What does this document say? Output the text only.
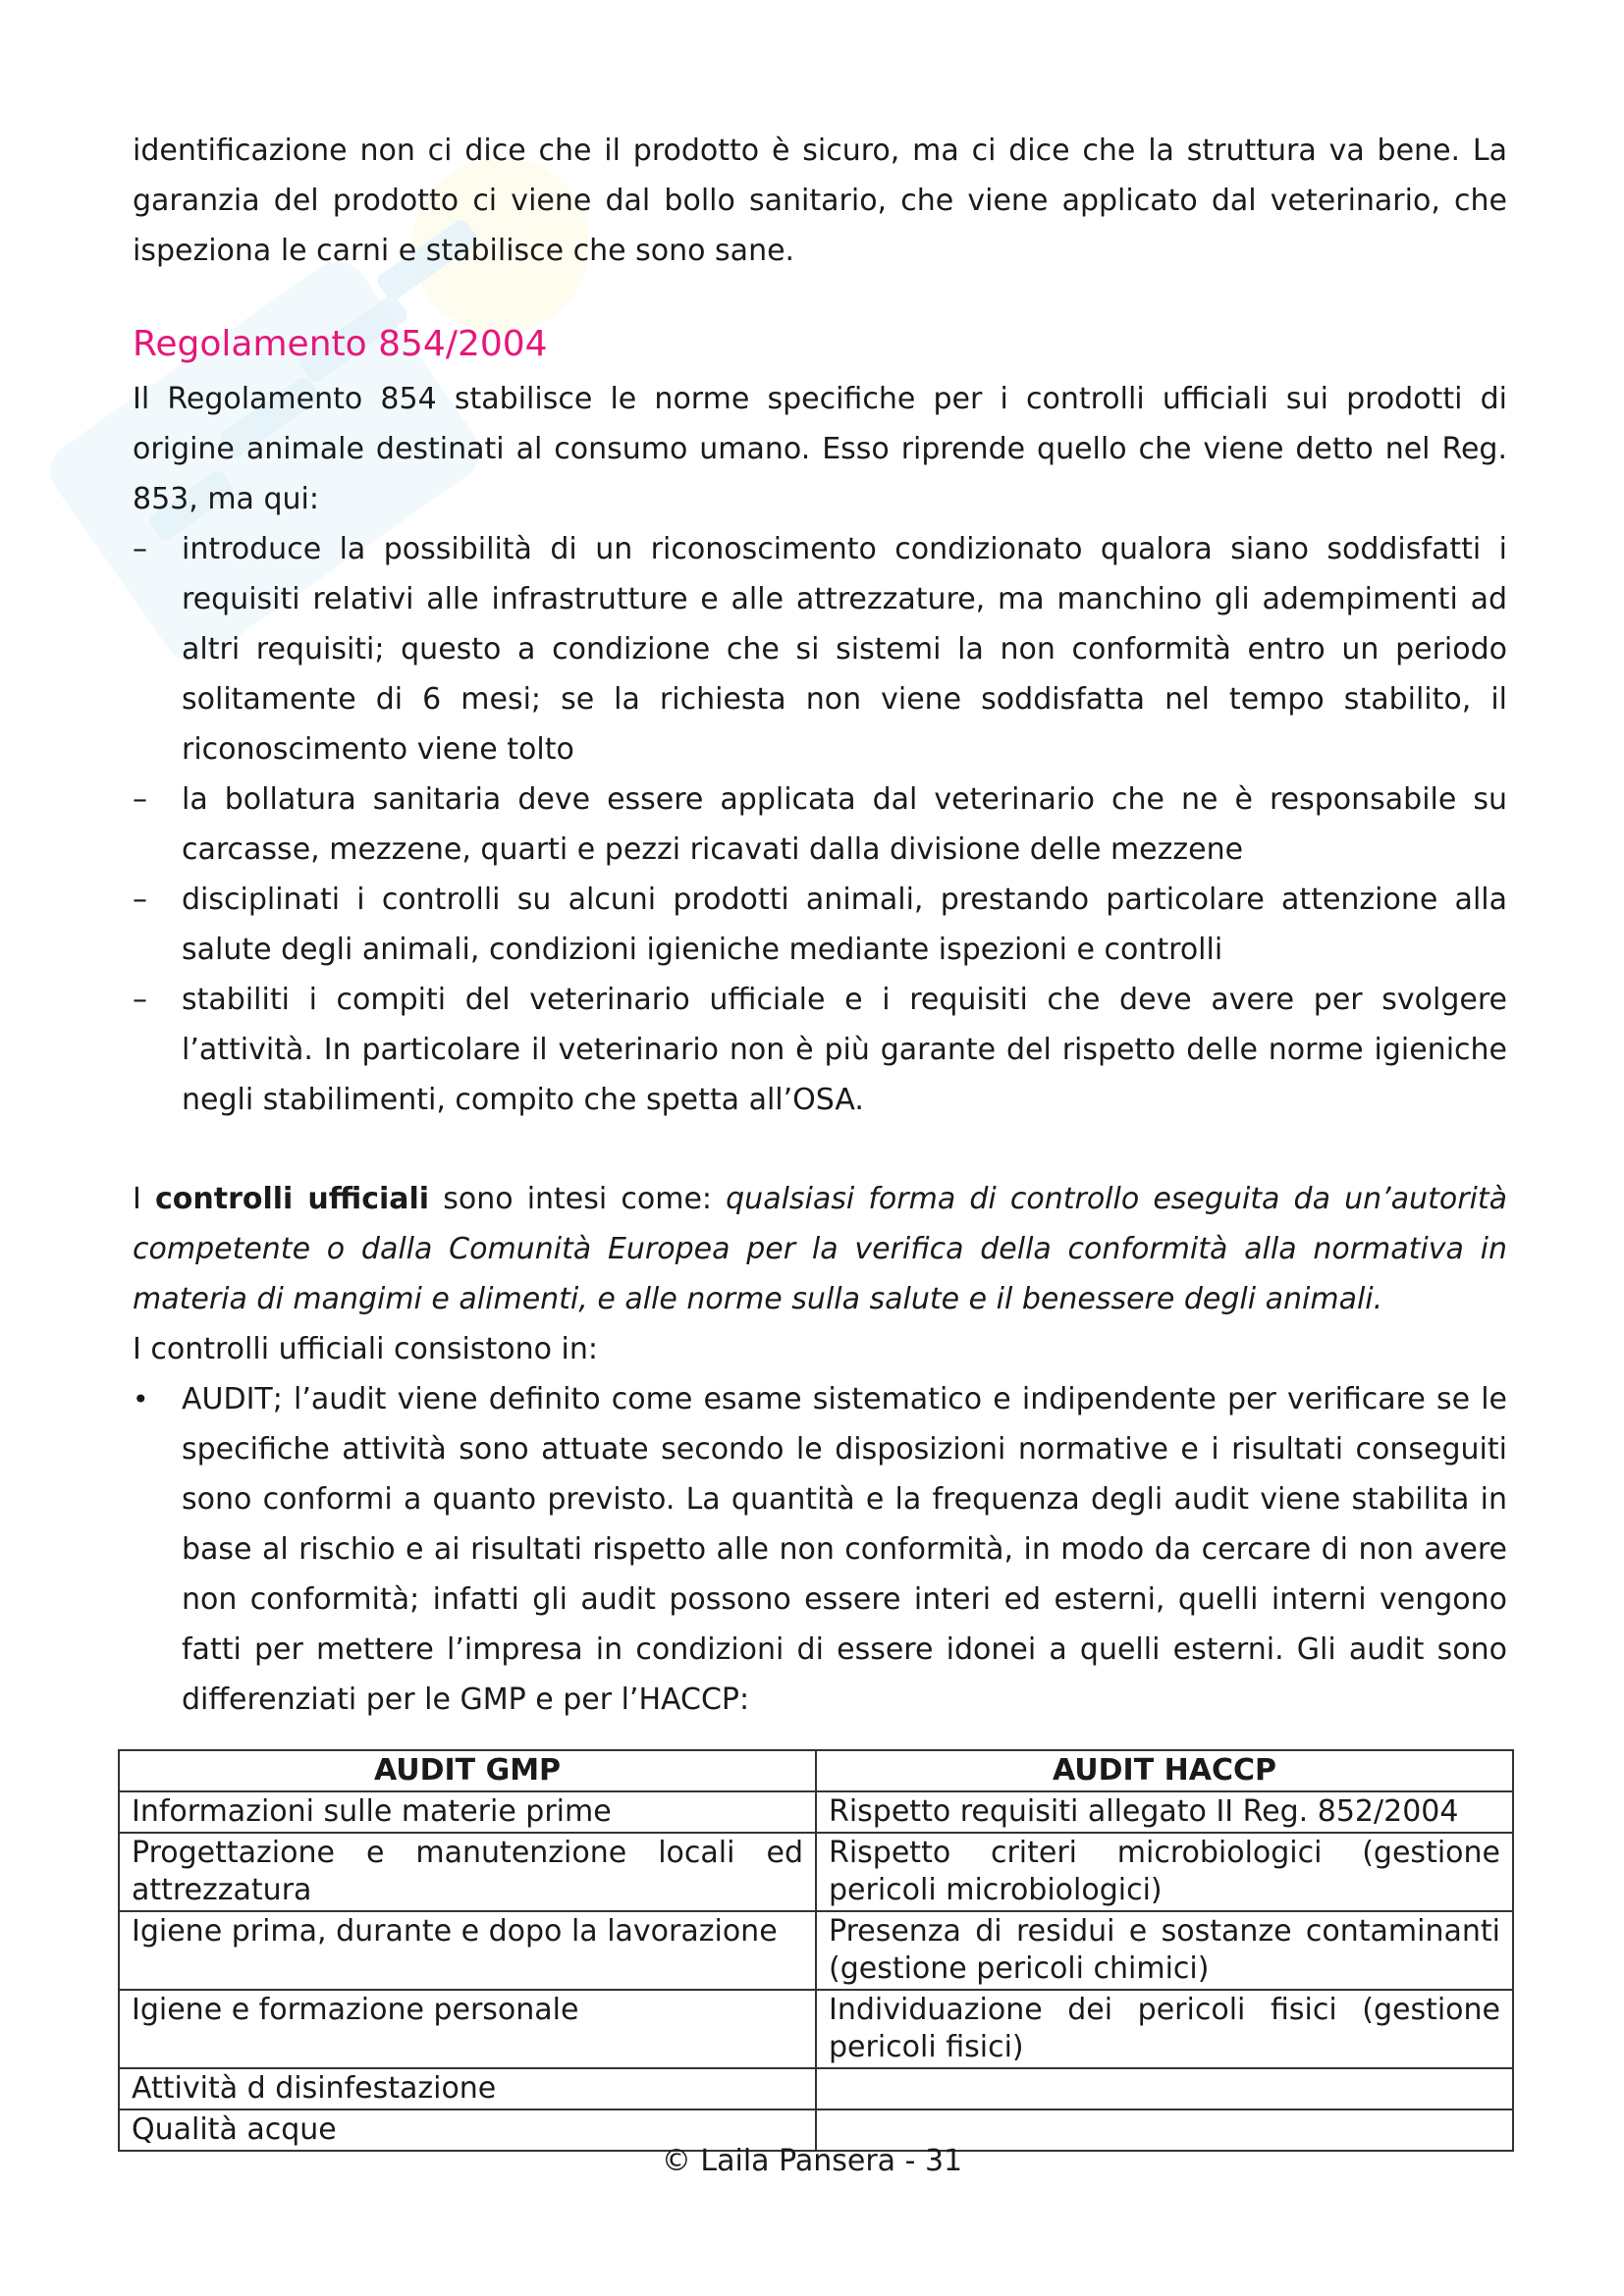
identificazione non ci dice che il prodotto è sicuro, ma ci dice che la struttura va bene. La garanzia del prodotto ci viene dal bollo sanitario, che viene applicato dal veterinario, che ispeziona le carni e stabilisce che sono sane.

Regolamento 854/2004

Il Regolamento 854 stabilisce le norme specifiche per i controlli ufficiali sui prodotti di origine animale destinati al consumo umano. Esso riprende quello che viene detto nel Reg. 853, ma qui:

– introduce la possibilità di un riconoscimento condizionato qualora siano soddisfatti i requisiti relativi alle infrastrutture e alle attrezzature, ma manchino gli adempimenti ad altri requisiti; questo a condizione che si sistemi la non conformità entro un periodo solitamente di 6 mesi; se la richiesta non viene soddisfatta nel tempo stabilito, il riconoscimento viene tolto
– la bollatura sanitaria deve essere applicata dal veterinario che ne è responsabile su carcasse, mezzene, quarti e pezzi ricavati dalla divisione delle mezzene
– disciplinati i controlli su alcuni prodotti animali, prestando particolare attenzione alla salute degli animali, condizioni igieniche mediante ispezioni e controlli
– stabiliti i compiti del veterinario ufficiale e i requisiti che deve avere per svolgere l’attività. In particolare il veterinario non è più garante del rispetto delle norme igieniche negli stabilimenti, compito che spetta all’OSA.

I controlli ufficiali sono intesi come: qualsiasi forma di controllo eseguita da un’autorità competente o dalla Comunità Europea per la verifica della conformità alla normativa in materia di mangimi e alimenti, e alle norme sulla salute e il benessere degli animali.

I controlli ufficiali consistono in:

• AUDIT; l’audit viene definito come esame sistematico e indipendente per verificare se le specifiche attività sono attuate secondo le disposizioni normative e i risultati conseguiti sono conformi a quanto previsto. La quantità e la frequenza degli audit viene stabilita in base al rischio e ai risultati rispetto alle non conformità, in modo da cercare di non avere non conformità; infatti gli audit possono essere interi ed esterni, quelli interni vengono fatti per mettere l’impresa in condizioni di essere idonei a quelli esterni. Gli audit sono differenziati per le GMP e per l’HACCP:
AUDIT GMP	AUDIT HACCP
Informazioni sulle materie prime	Rispetto requisiti allegato II Reg. 852/2004
Progettazione e manutenzione locali ed attrezzatura	Rispetto criteri microbiologici (gestione pericoli microbiologici)
Igiene prima, durante e dopo la lavorazione	Presenza di residui e sostanze contaminanti (gestione pericoli chimici)
Igiene e formazione personale	Individuazione dei pericoli fisici (gestione pericoli fisici)
Attività d disinfestazione	
Qualità acque	
© Laila Pansera - 31
